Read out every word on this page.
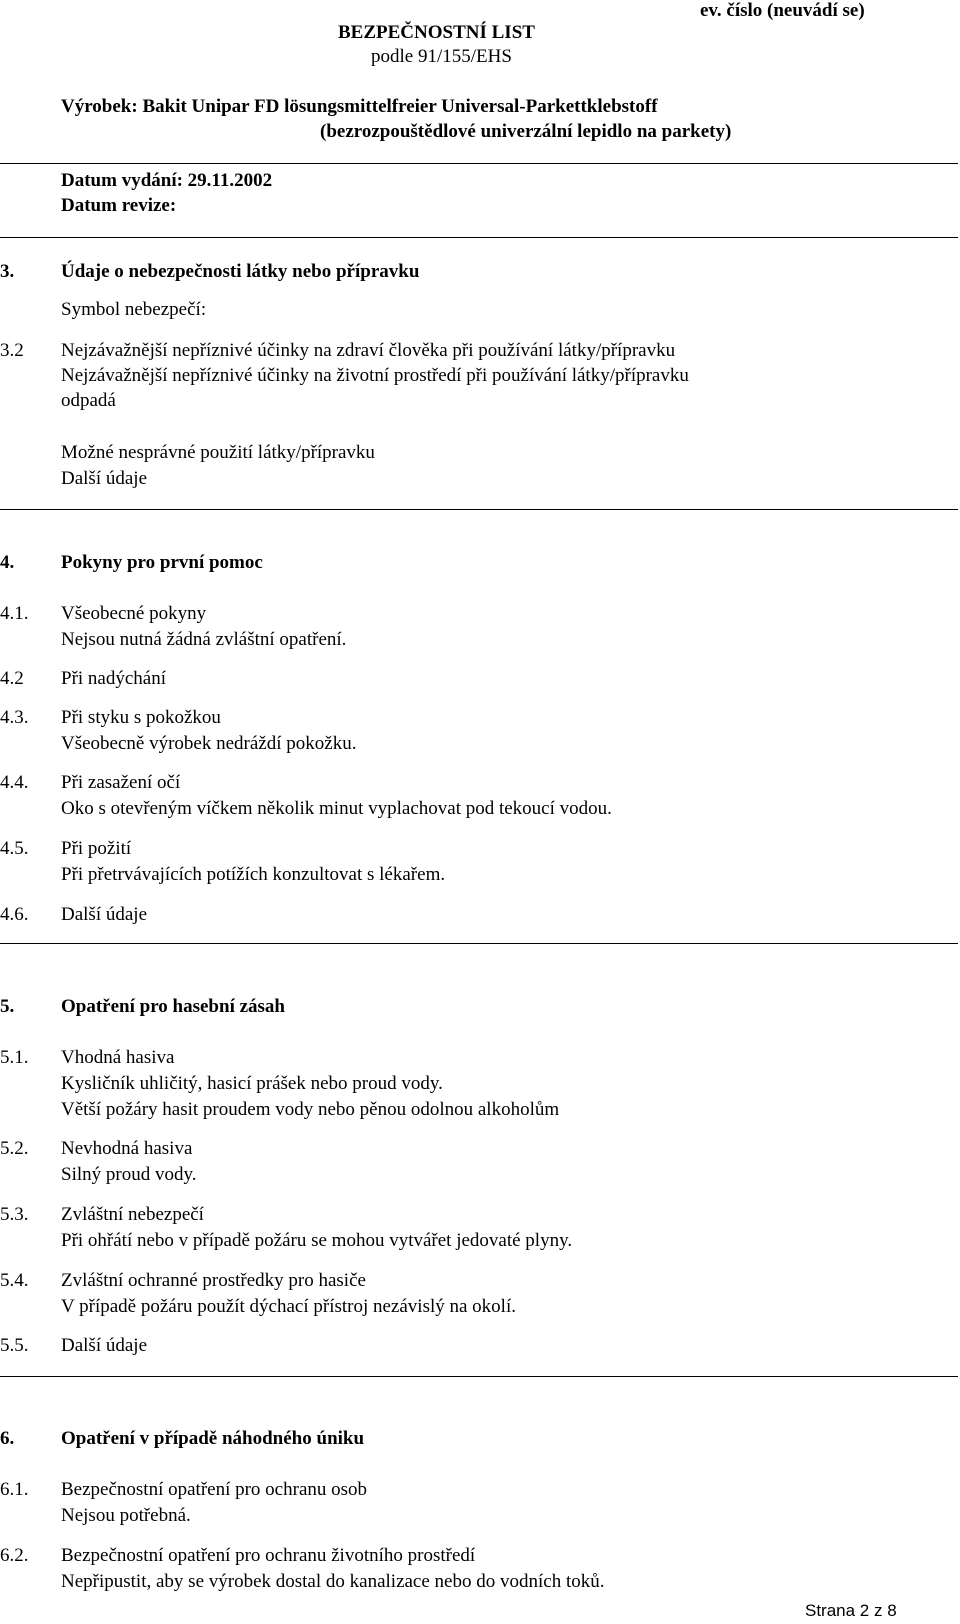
BEZPEČNOSTNÍ LIST
ev. číslo (neuvádí se)
podle 91/155/EHS
Výrobek: Bakit Unipar FD lösungsmittelfreier Universal-Parkettklebstoff
(bezrozpouštědlové univerzální lepidlo na parkety)
Datum vydání: 29.11.2002
Datum revize:
3. Údaje o nebezpečnosti látky nebo přípravku
Symbol nebezpečí:
3.2 Nejzávažnější nepříznivé účinky na zdraví člověka při používání látky/přípravku
Nejzávažnější nepříznivé účinky na životní prostředí při používání látky/přípravku
odpadá
Možné nesprávné použití látky/přípravku
Další údaje
4. Pokyny pro první pomoc
4.1. Všeobecné pokyny
Nejsou nutná žádná zvláštní opatření.
4.2 Při nadýchání
4.3. Při styku s pokožkou
Všeobecně výrobek nedráždí pokožku.
4.4. Při zasažení očí
Oko s otevřeným víčkem několik minut vyplachovat pod tekoucí vodou.
4.5. Při požití
Při přetrvávajících potížích konzultovat s lékařem.
4.6. Další údaje
5. Opatření pro hasební zásah
5.1. Vhodná hasiva
Kysličník uhličitý, hasicí prášek nebo proud vody.
Větší požáry hasit proudem vody nebo pěnou odolnou alkoholům
5.2. Nevhodná hasiva
Silný proud vody.
5.3. Zvláštní nebezpečí
Při ohřátí nebo v případě požáru se mohou vytvářet jedovaté plyny.
5.4. Zvláštní ochranné prostředky pro hasiče
V případě požáru použít dýchací přístroj nezávislý na okolí.
5.5. Další údaje
6. Opatření v případě náhodného úniku
6.1. Bezpečnostní opatření pro ochranu osob
Nejsou potřebná.
6.2. Bezpečnostní opatření pro ochranu životního prostředí
Nepřipustit, aby se výrobek dostal do kanalizace nebo do vodních toků.
Strana 2 z 8
